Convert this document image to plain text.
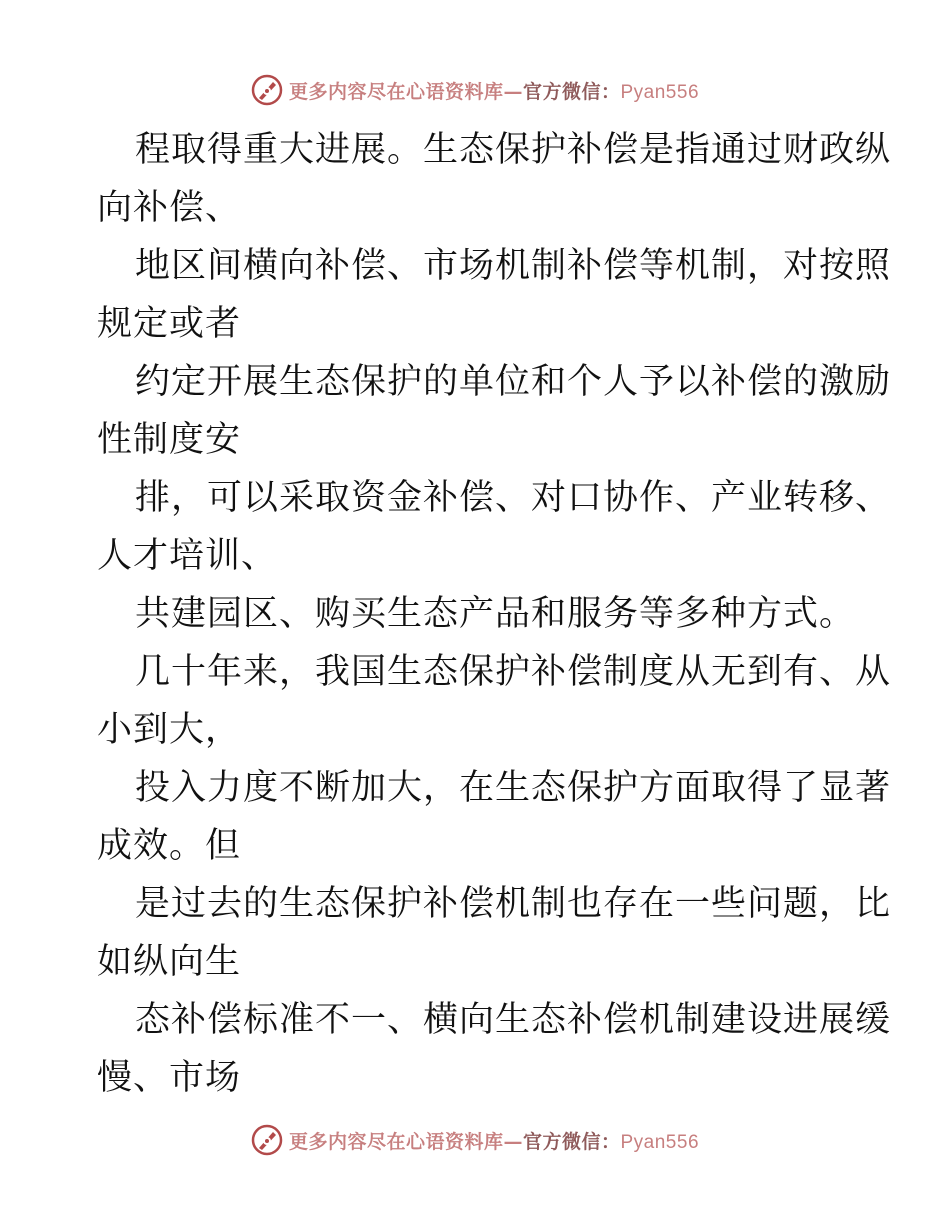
更多内容尽在心语资料库—官方微信：Pyan556
程取得重大进展。生态保护补偿是指通过财政纵
向补偿、
地区间横向补偿、市场机制补偿等机制，对按照
规定或者
约定开展生态保护的单位和个人予以补偿的激励
性制度安
排，可以采取资金补偿、对口协作、产业转移、
人才培训、
共建园区、购买生态产品和服务等多种方式。
几十年来，我国生态保护补偿制度从无到有、从
小到大，
投入力度不断加大，在生态保护方面取得了显著
成效。但
是过去的生态保护补偿机制也存在一些问题，比
如纵向生
态补偿标准不一、横向生态补偿机制建设进展缓
慢、市场
更多内容尽在心语资料库—官方微信：Pyan556
